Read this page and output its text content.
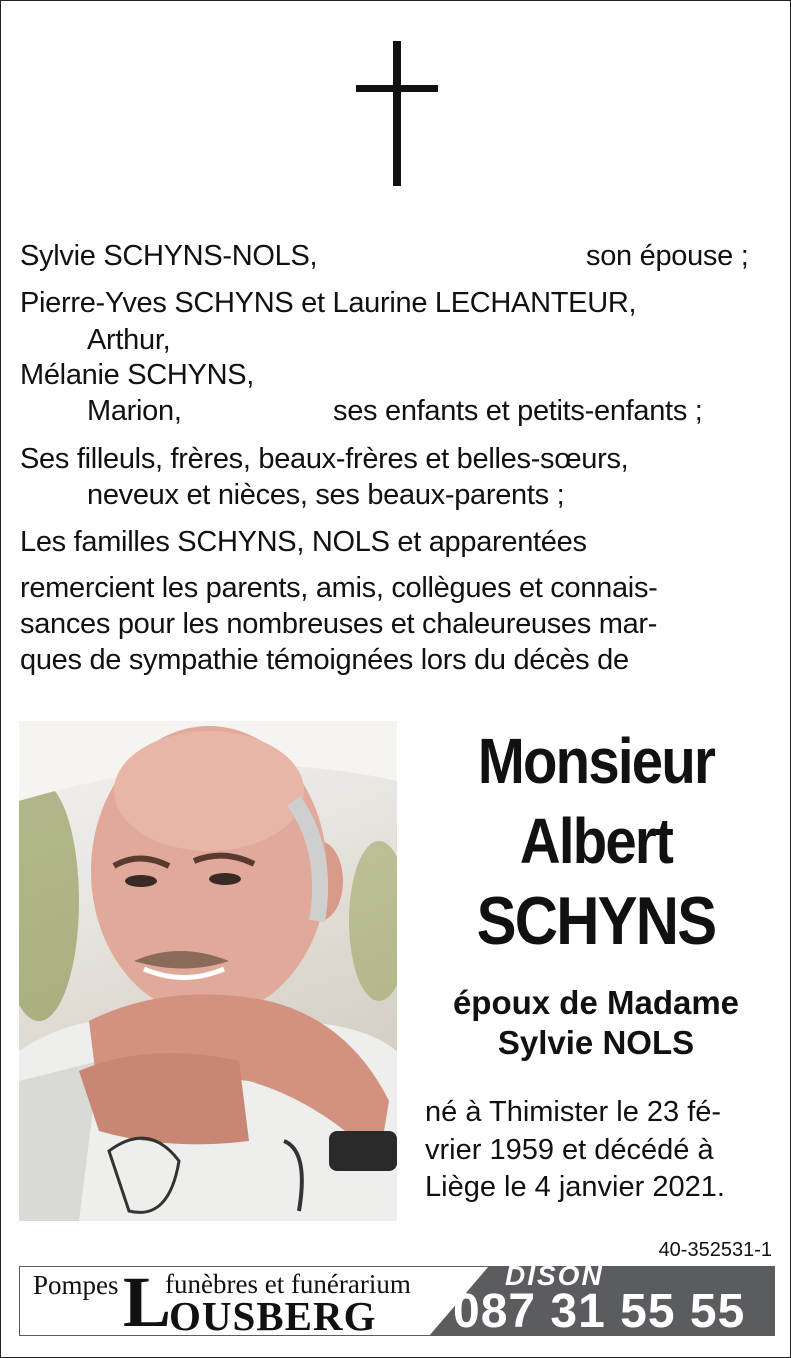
Sylvie SCHYNS-NOLS,	son épouse ;
Pierre-Yves SCHYNS et Laurine LECHANTEUR,
Arthur,
Mélanie SCHYNS,
Marion,	ses enfants et petits-enfants ;
Ses filleuls, frères, beaux-frères et belles-sœurs,
neveux et nièces, ses beaux-parents ;
Les familles SCHYNS, NOLS et apparentées
remercient les parents, amis, collègues et connais-
sances pour les nombreuses et chaleureuses mar-
ques de sympathie témoignées lors du décès de
Monsieur
Albert
SCHYNS
époux de Madame
Sylvie NOLS
né à Thimister le 23 fé-
vrier 1959 et décédé à
Liège le 4 janvier 2021.
40-352531-1
Pompes L
funèbres et funérarium
OUSBERG
DISON
087 31 55 55
